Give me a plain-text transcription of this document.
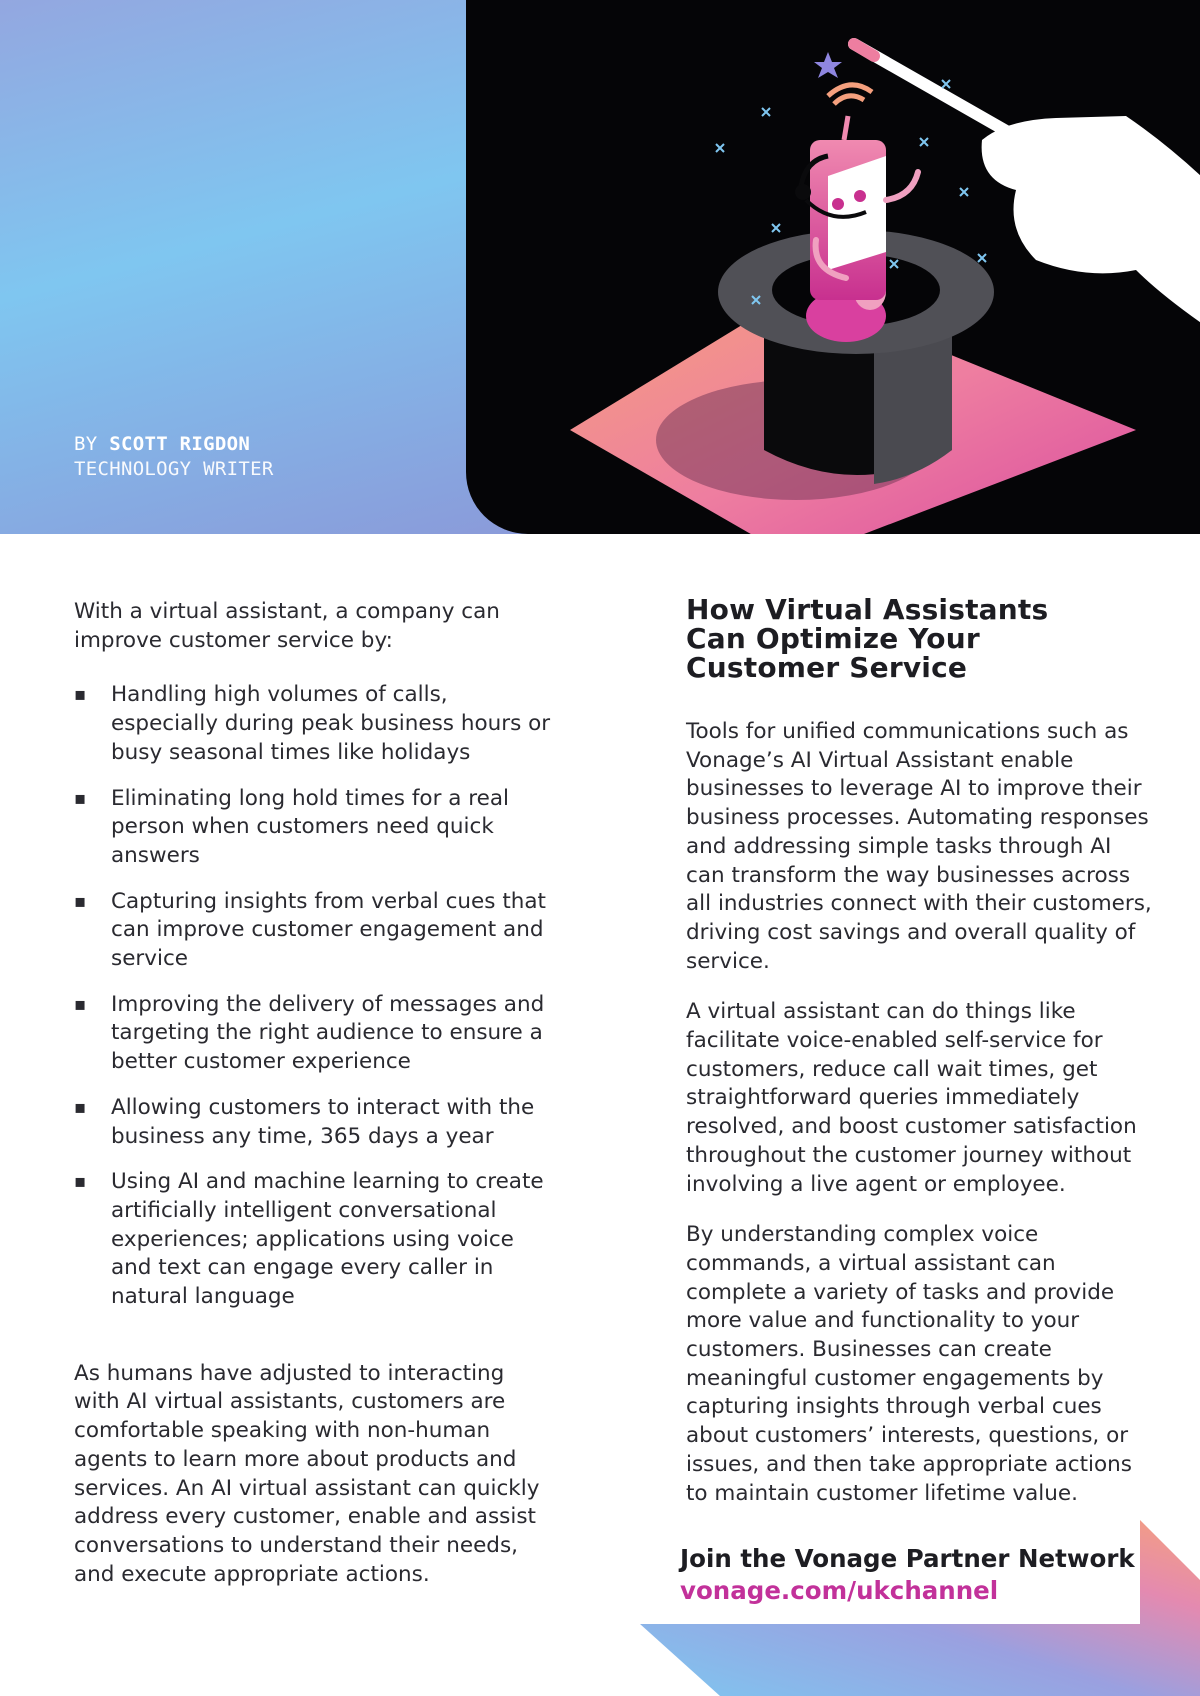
BY SCOTT RIGDON
TECHNOLOGY WRITER

With a virtual assistant, a company can improve customer service by:

▪ Handling high volumes of calls, especially during peak business hours or busy seasonal times like holidays
▪ Eliminating long hold times for a real person when customers need quick answers
▪ Capturing insights from verbal cues that can improve customer engagement and service
▪ Improving the delivery of messages and targeting the right audience to ensure a better customer experience
▪ Allowing customers to interact with the business any time, 365 days a year
▪ Using AI and machine learning to create artificially intelligent conversational experiences; applications using voice and text can engage every caller in natural language

As humans have adjusted to interacting with AI virtual assistants, customers are comfortable speaking with non-human agents to learn more about products and services. An AI virtual assistant can quickly address every customer, enable and assist conversations to understand their needs, and execute appropriate actions.

How Virtual Assistants
Can Optimize Your
Customer Service

Tools for unified communications such as Vonage’s AI Virtual Assistant enable businesses to leverage AI to improve their business processes. Automating responses and addressing simple tasks through AI can transform the way businesses across all industries connect with their customers, driving cost savings and overall quality of service.

A virtual assistant can do things like facilitate voice-enabled self-service for customers, reduce call wait times, get straightforward queries immediately resolved, and boost customer satisfaction throughout the customer journey without involving a live agent or employee.

By understanding complex voice commands, a virtual assistant can complete a variety of tasks and provide more value and functionality to your customers. Businesses can create meaningful customer engagements by capturing insights through verbal cues about customers’ interests, questions, or issues, and then take appropriate actions to maintain customer lifetime value.

Join the Vonage Partner Network
vonage.com/ukchannel
